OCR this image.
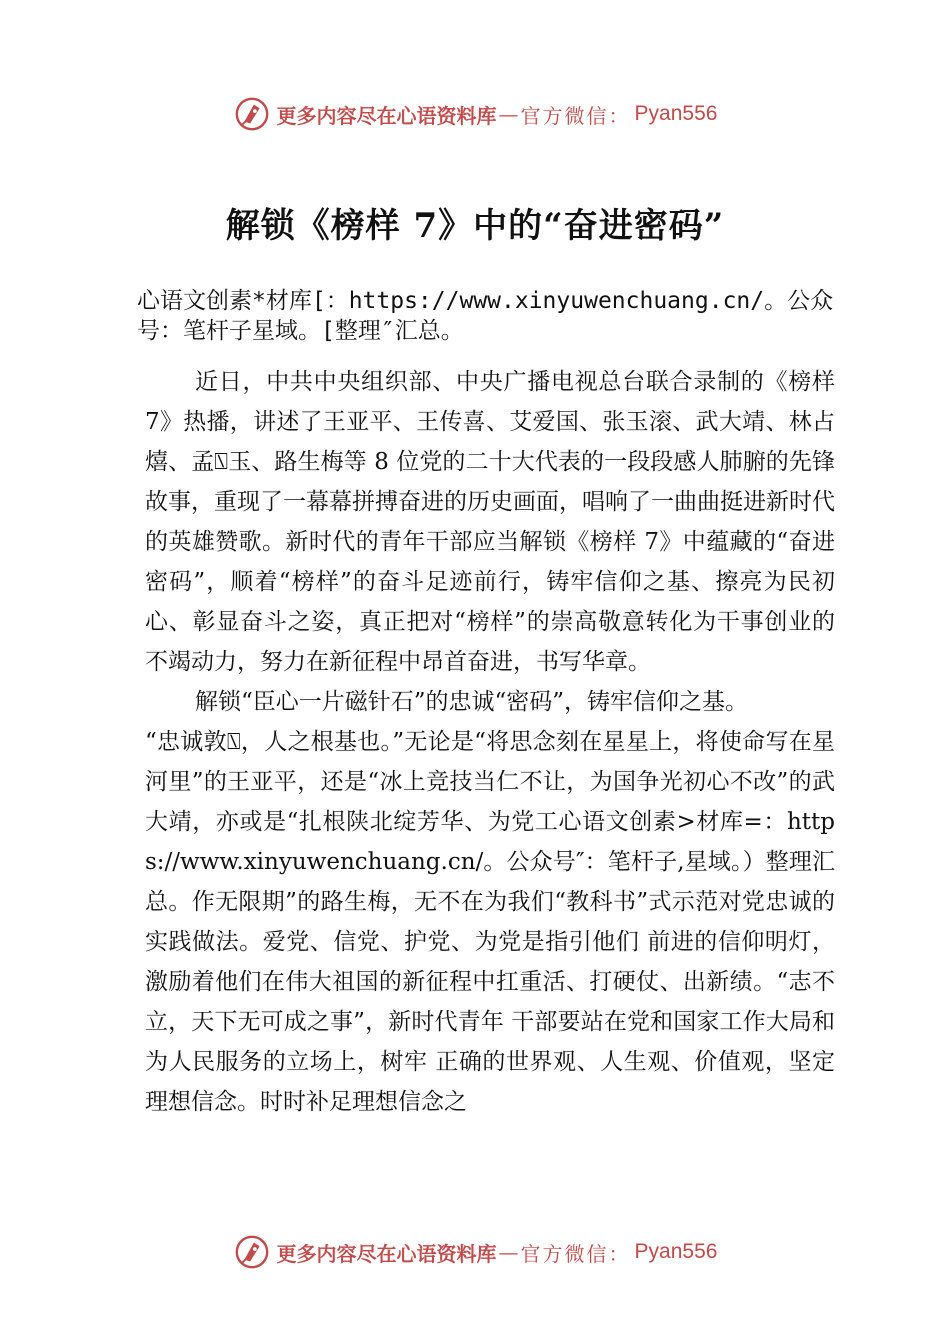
更多内容尽在心语资料库 — 官方微信： Pyan556
解锁《榜样 7》中的“奋进密码”
心语文创素*材库[：https://www.xinyuwenchuang.cn/。公众号：笔杆子星域。[整理″汇总。

近日，中共中央组织部、中央广播电视总台联合录制的《榜样 7》热播，讲述了王亚平、王传喜、艾爱国、张玉滚、武大靖、林占熺、孟⍂玉、路生梅等 8 位党的二十大代表的一段段感人肺腑的先锋故事，重现了一幕幕拼搏奋进的历史画面，唱响了一曲曲挺进新时代的英雄赞歌。新时代的青年干部应当解锁《榜样 7》中蕴藏的“奋进密码”，顺着“榜样”的奋斗足迹前行，铸牢信仰之基、擦亮为民初心、彰显奋斗之姿，真正把对“榜样”的崇高敬意转化为干事创业的不竭动力，努力在新征程中昂首奋进，书写华章。

解锁“臣心一片磁针石”的忠诚“密码”，铸牢信仰之基。

“忠诚敦⍂，人之根基也。”无论是“将思念刻在星星上，将使命写在星河里”的王亚平，还是“冰上竞技当仁不让，为国争光初心不改”的武大靖，亦或是“扎根陕北绽芳华、为党工心语文创素>材库=：https://www.xinyuwenchuang.cn/。公众号″：笔杆子,星域。）整理汇总。作无限期”的路生梅，无不在为我们“教科书”式示范对党忠诚的实践做法。爱党、信党、护党、为党是指引他们 前进的信仰明灯，激励着他们在伟大祖国的新征程中扛重活、打硬仗、出新绩。“志不立，天下无可成之事”，新时代青年 干部要站在党和国家工作大局和为人民服务的立场上，树牢 正确的世界观、人生观、价值观，坚定理想信念。时时补足理想信念之

更多内容尽在心语资料库 — 官方微信： Pyan556
